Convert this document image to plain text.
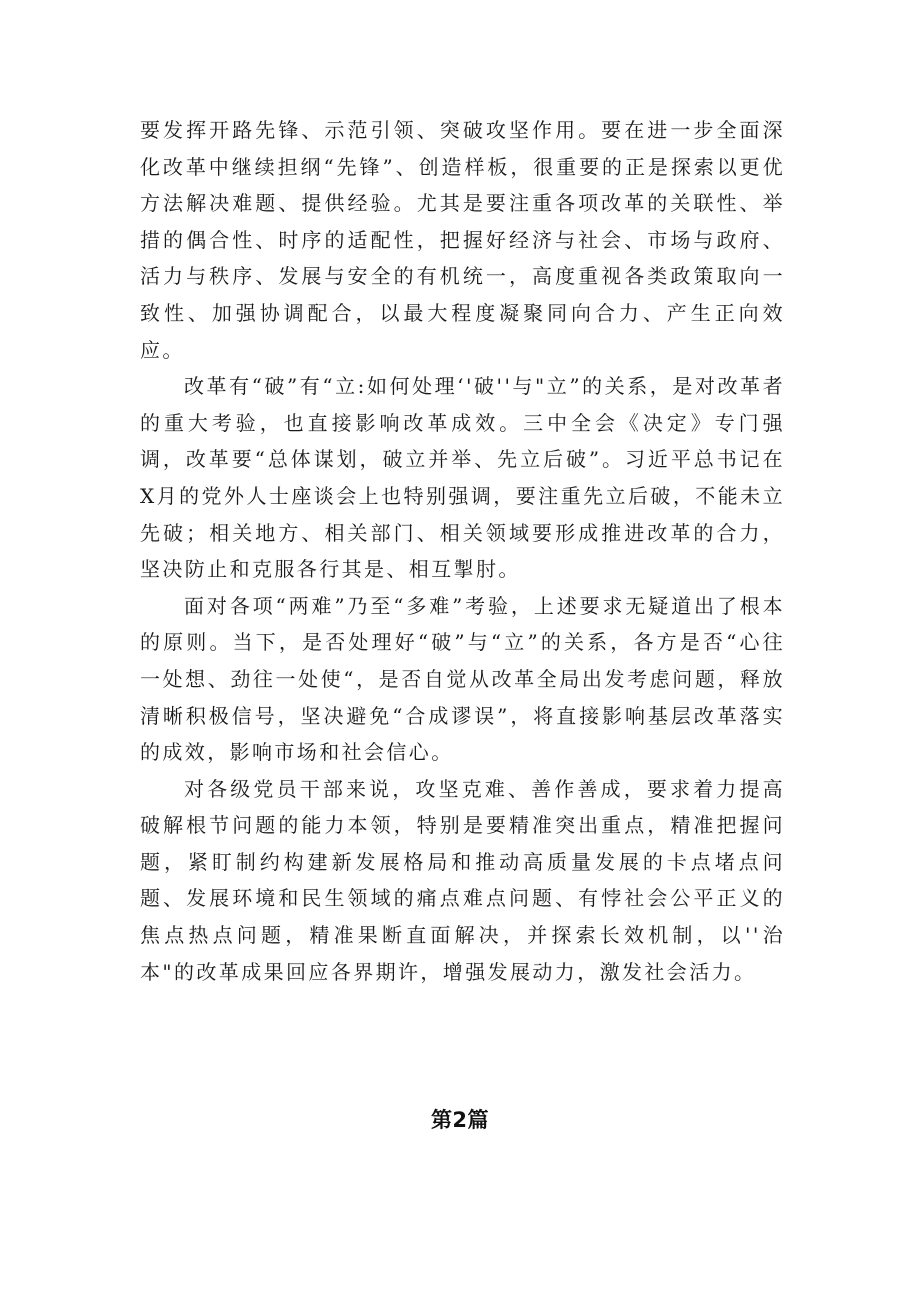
要发挥开路先锋、示范引领、突破攻坚作用。要在进一步全面深化改革中继续担纲“先锋”、创造样板，很重要的正是探索以更优方法解决难题、提供经验。尤其是要注重各项改革的关联性、举措的偶合性、时序的适配性，把握好经济与社会、市场与政府、活力与秩序、发展与安全的有机统一，高度重视各类政策取向一致性、加强协调配合，以最大程度凝聚同向合力、产生正向效应。

改革有“破”有“立:如何处理‘'破''与"立”的关系，是对改革者的重大考验，也直接影响改革成效。三中全会《决定》专门强调，改革要“总体谋划，破立并举、先立后破”。习近平总书记在X月的党外人士座谈会上也特别强调，要注重先立后破，不能未立先破；相关地方、相关部门、相关领域要形成推进改革的合力，坚决防止和克服各行其是、相互掣肘。

面对各项“两难”乃至“多难”考验，上述要求无疑道出了根本的原则。当下，是否处理好“破”与“立”的关系，各方是否“心往一处想、劲往一处使“，是否自觉从改革全局出发考虑问题，释放清晰积极信号，坚决避免“合成谬误”，将直接影响基层改革落实的成效，影响市场和社会信心。

对各级党员干部来说，攻坚克难、善作善成，要求着力提高破解根节问题的能力本领，特别是要精准突出重点，精准把握问题，紧盯制约构建新发展格局和推动高质量发展的卡点堵点问题、发展环境和民生领域的痛点难点问题、有悖社会公平正义的焦点热点问题，精准果断直面解决，并探索长效机制，以''治本"的改革成果回应各界期许，增强发展动力，激发社会活力。

第2篇
